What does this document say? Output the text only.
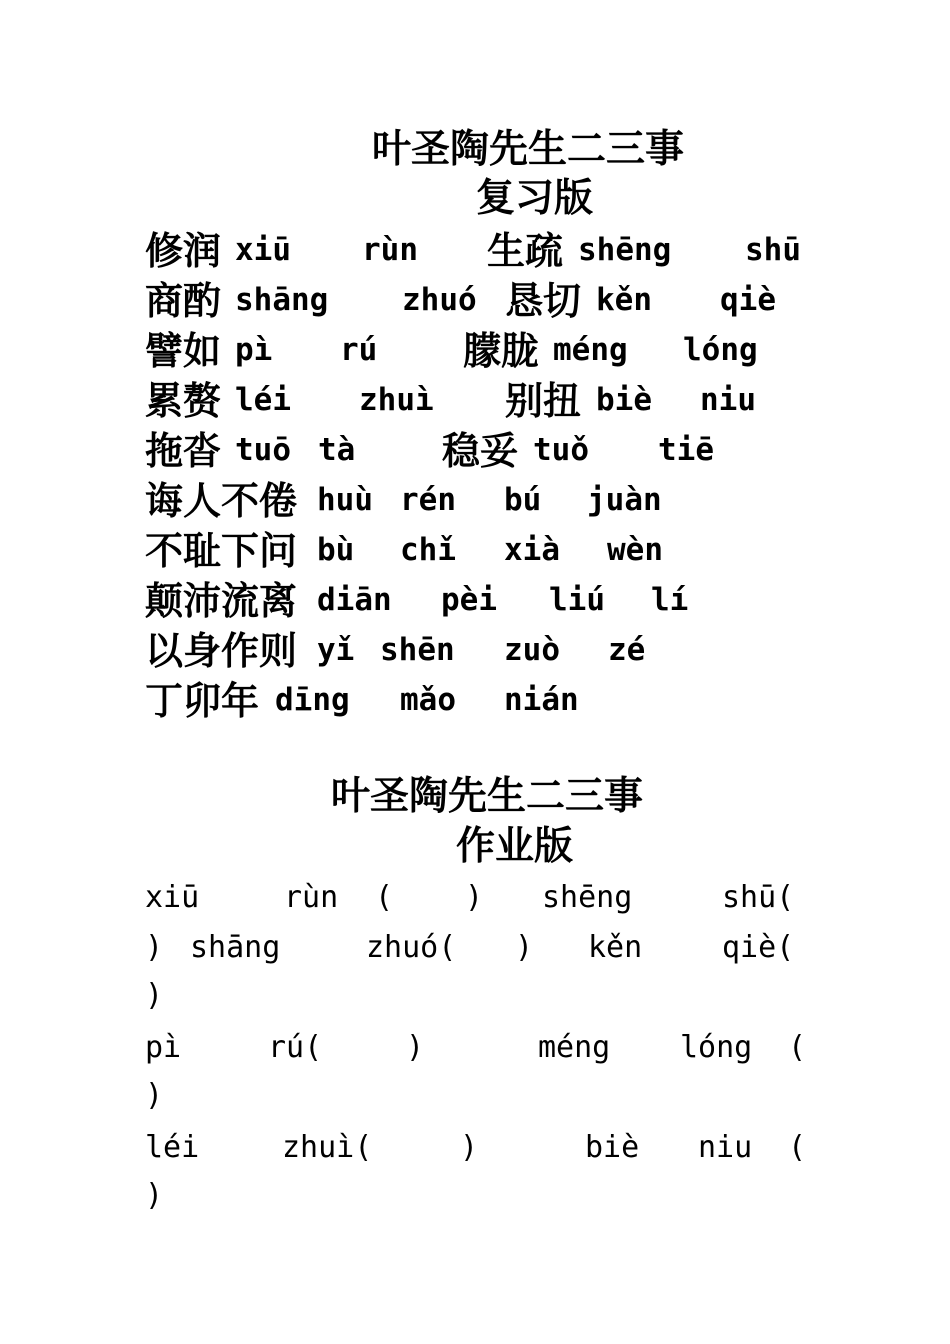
叶圣陶先生二三事
复习版
修润 xiū rùn 生疏 shēng shū
商酌 shāng zhuó 恳切 kěn qiè
譬如 pì rú 朦胧 méng lóng
累赘 léi zhuì 别扭 biè niu
拖沓 tuō tà 稳妥 tuǒ tiē
诲人不倦 huù rén bú juàn
不耻下问 bù chǐ xià wèn
颠沛流离 diān pèi liú lí
以身作则 yǐ shēn zuò zé
丁卯年 dīng mǎo nián
叶圣陶先生二三事
作业版
xiū	rùn ( ) shēng	shū(
) shāng	zhuó( ) kěn	qiè(
)
pì	rú(	)	méng lóng (
)
léi	zhuì(	)	biè niu (
)
